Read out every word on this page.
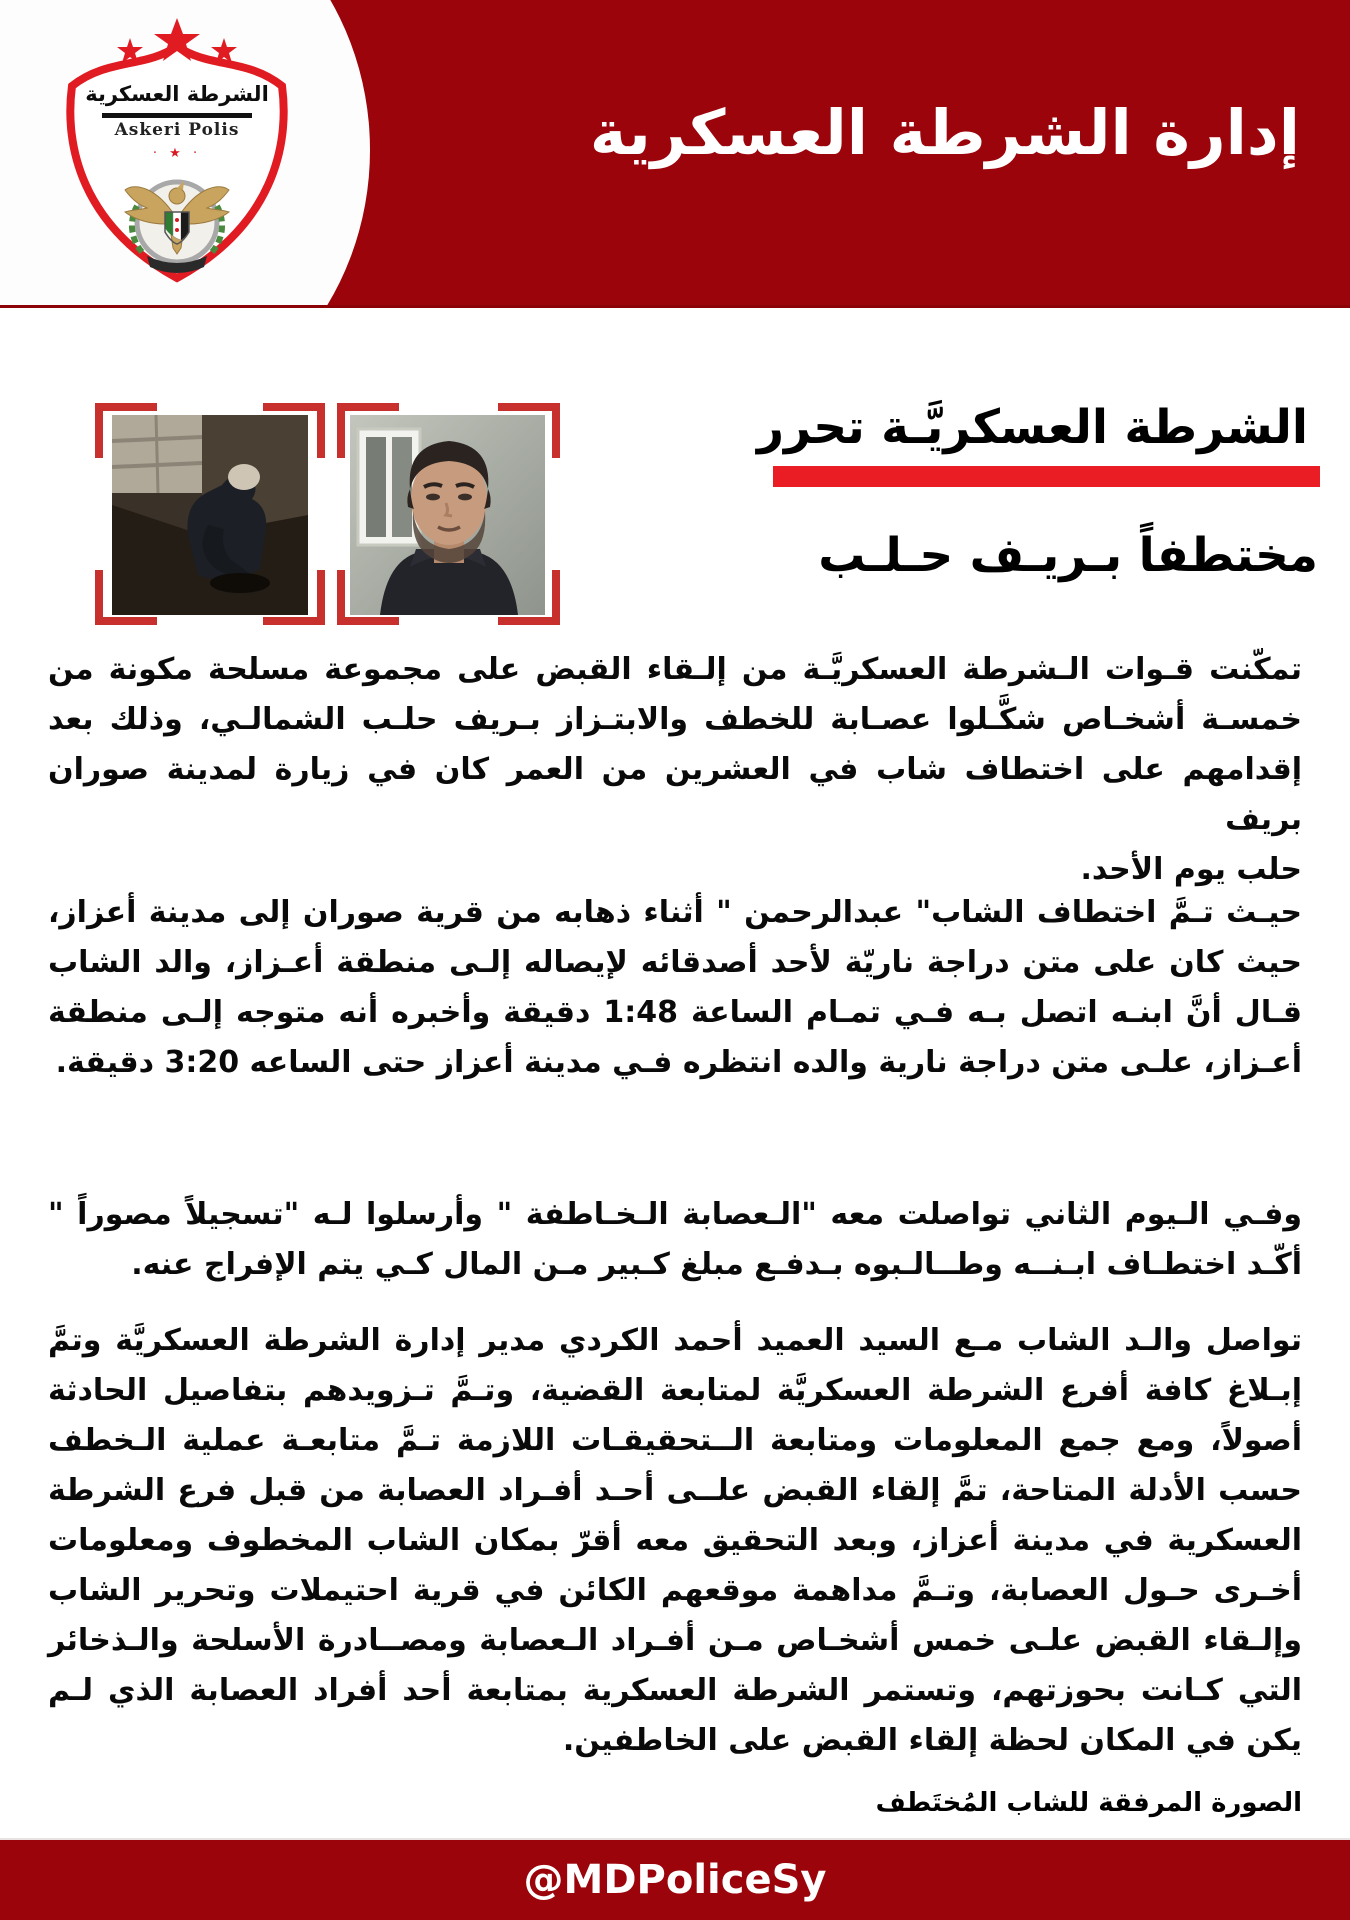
إدارة الشرطة العسكرية
الشرطة العسكرية
Askeri Polis
· ★ ·
الشرطة العسكريَّـة تحرر
مختطفاً بـريـف حـلـب
تمكّنت قـوات الـشرطة العسكريَّـة من إلـقاء القبض على مجموعة مسلحة مكونة من
خمسـة أشخـاص شكَّـلوا عصـابة للخطف والابتـزاز بـريف حلـب الشمالـي، وذلك بعد
إقدامهم على اختطاف شاب في العشرين من العمر كان في زيارة لمدينة صوران بريف
حلب يوم الأحد.
حيـث تـمَّ اختطاف الشاب" عبدالرحمن " أثناء ذهابه من قرية صوران إلى مدينة أعزاز،
حيث كان على متن دراجة ناريّة لأحد أصدقائه لإيصاله إلـى منطقة أعـزاز، والد الشاب
قـال أنَّ ابنـه اتصل بـه فـي تمـام الساعة 1:48 دقيقة وأخبره أنه متوجه إلـى منطقة
أعـزاز، علـى متن دراجة نارية والده انتظره فـي مدينة أعزاز حتى الساعه 3:20 دقيقة.
وفـي الـيوم الثاني تواصلت معه "الـعصابة الـخـاطفة " وأرسلوا لـه "تسجيلاً مصوراً "
أكّـد اختطـاف ابـنــه وطــالـبوه بـدفـع مبلغ كـبير مـن المال كـي يتم الإفراج عنه.
تواصل والـد الشاب مـع السيد العميد أحمد الكردي مدير إدارة الشرطة العسكريَّة وتمَّ
إبـلاغ كافة أفرع الشرطة العسكريَّة لمتابعة القضية، وتـمَّ تـزويدهم بتفاصيل الحادثة
أصولاً، ومع جمع المعلومات ومتابعة الــتحقيقـات اللازمة تـمَّ متابعـة عملية الـخطف
حسب الأدلة المتاحة، تمَّ إلقاء القبض علــى أحـد أفـراد العصابة من قبل فرع الشرطة
العسكرية في مدينة أعزاز، وبعد التحقيق معه أقرّ بمكان الشاب المخطوف ومعلومات
أخـرى حـول العصابة، وتـمَّ مداهمة موقعهم الكائن في قرية احتيملات وتحرير الشاب
وإلـقاء القبض علـى خمس أشخـاص مـن أفـراد الـعصابة ومصــادرة الأسلحة والـذخائر
التي كـانت بحوزتهم، وتستمر الشرطة العسكرية بمتابعة أحد أفراد العصابة الذي لـم
يكن في المكان لحظة إلقاء القبض على الخاطفين.
الصورة المرفقة للشاب المُختَطف
@MDPoliceSy
